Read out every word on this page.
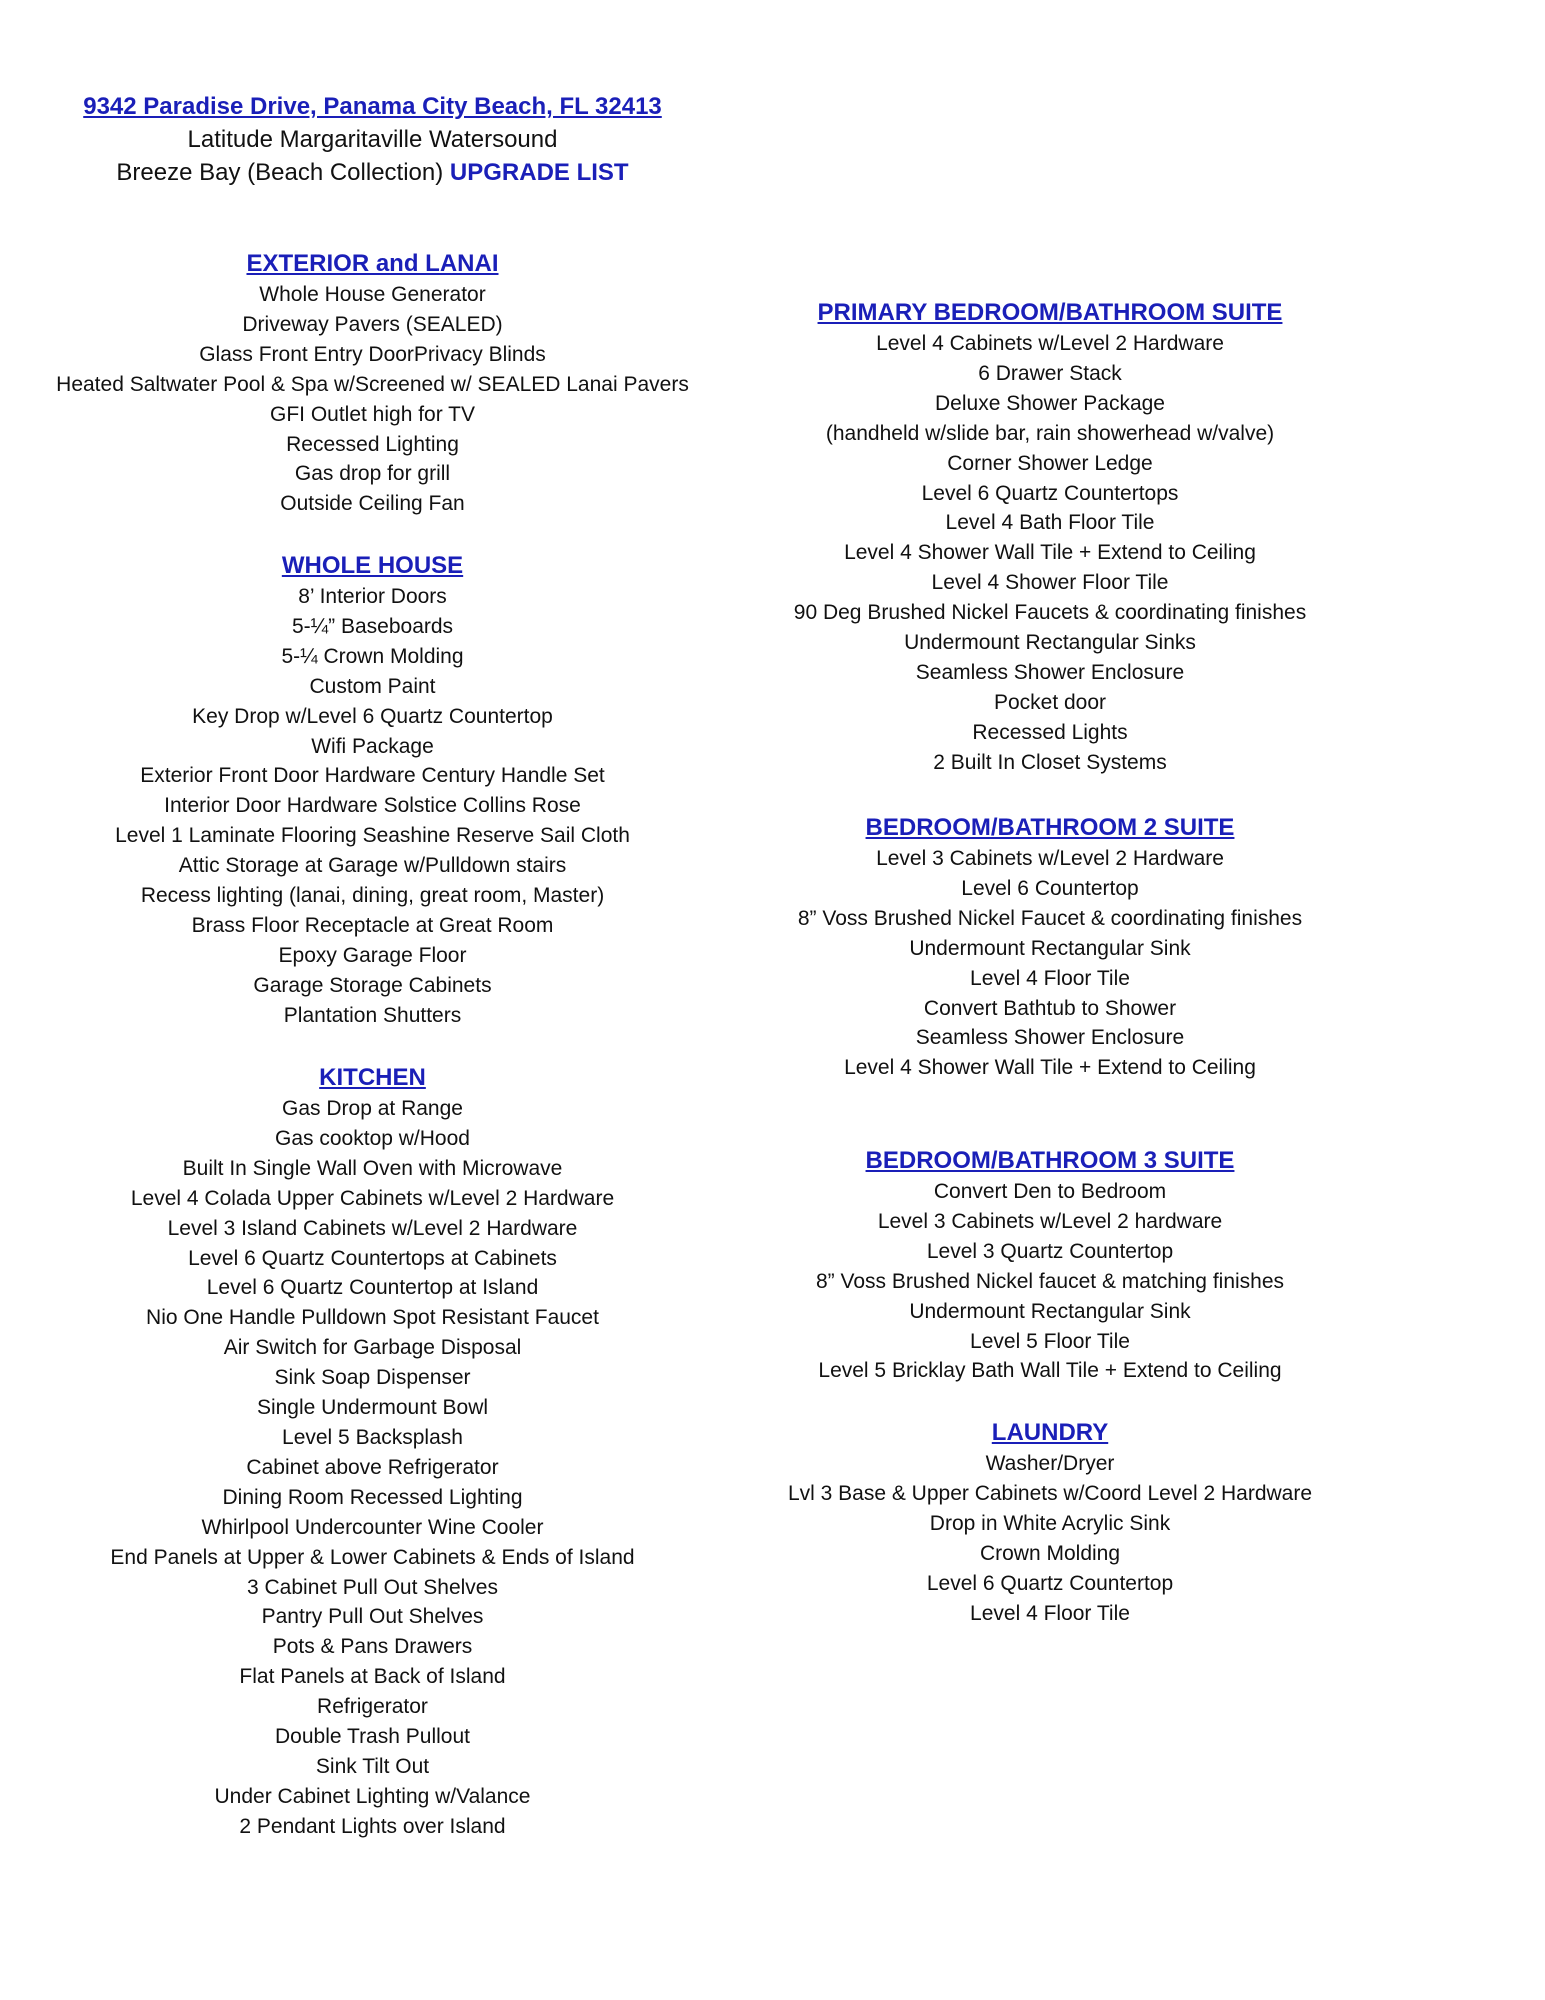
9342 Paradise Drive, Panama City Beach, FL 32413
Latitude Margaritaville Watersound
Breeze Bay (Beach Collection) UPGRADE LIST
EXTERIOR and LANAI
Whole House Generator
Driveway Pavers (SEALED)
Glass Front Entry DoorPrivacy Blinds
Heated Saltwater Pool & Spa w/Screened w/ SEALED Lanai Pavers
GFI Outlet high for TV
Recessed Lighting
Gas drop for grill
Outside Ceiling Fan
WHOLE HOUSE
8’ Interior Doors
5-¼” Baseboards
5-¼ Crown Molding
Custom Paint
Key Drop w/Level 6 Quartz Countertop
Wifi Package
Exterior Front Door Hardware Century Handle Set
Interior Door Hardware Solstice Collins Rose
Level 1 Laminate Flooring Seashine Reserve Sail Cloth
Attic Storage at Garage w/Pulldown stairs
Recess lighting (lanai, dining, great room, Master)
Brass Floor Receptacle at Great Room
Epoxy Garage Floor
Garage Storage Cabinets
Plantation Shutters
KITCHEN
Gas Drop at Range
Gas cooktop w/Hood
Built In Single Wall Oven with Microwave
Level 4 Colada Upper Cabinets w/Level 2 Hardware
Level 3 Island Cabinets w/Level 2 Hardware
Level 6 Quartz Countertops at Cabinets
Level 6 Quartz Countertop at Island
Nio One Handle Pulldown Spot Resistant Faucet
Air Switch for Garbage Disposal
Sink Soap Dispenser
Single Undermount Bowl
Level 5 Backsplash
Cabinet above Refrigerator
Dining Room Recessed Lighting
Whirlpool Undercounter Wine Cooler
End Panels at Upper & Lower Cabinets & Ends of Island
3 Cabinet Pull Out Shelves
Pantry Pull Out Shelves
Pots & Pans Drawers
Flat Panels at Back of Island
Refrigerator
Double Trash Pullout
Sink Tilt Out
Under Cabinet Lighting w/Valance
2 Pendant Lights over Island
PRIMARY BEDROOM/BATHROOM SUITE
Level 4 Cabinets w/Level 2 Hardware
6 Drawer Stack
Deluxe Shower Package
(handheld w/slide bar, rain showerhead w/valve)
Corner Shower Ledge
Level 6 Quartz Countertops
Level 4 Bath Floor Tile
Level 4 Shower Wall Tile + Extend to Ceiling
Level 4 Shower Floor Tile
90 Deg Brushed Nickel Faucets & coordinating finishes
Undermount Rectangular Sinks
Seamless Shower Enclosure
Pocket door
Recessed Lights
2 Built In Closet Systems
BEDROOM/BATHROOM 2 SUITE
Level 3 Cabinets w/Level 2 Hardware
Level 6 Countertop
8” Voss Brushed Nickel Faucet & coordinating finishes
Undermount Rectangular Sink
Level 4 Floor Tile
Convert Bathtub to Shower
Seamless Shower Enclosure
Level 4 Shower Wall Tile + Extend to Ceiling
BEDROOM/BATHROOM 3 SUITE
Convert Den to Bedroom
Level 3 Cabinets w/Level 2 hardware
Level 3 Quartz Countertop
8” Voss Brushed Nickel faucet & matching finishes
Undermount Rectangular Sink
Level 5 Floor Tile
Level 5 Bricklay Bath Wall Tile + Extend to Ceiling
LAUNDRY
Washer/Dryer
Lvl 3 Base & Upper Cabinets w/Coord Level 2 Hardware
Drop in White Acrylic Sink
Crown Molding
Level 6 Quartz Countertop
Level 4 Floor Tile
